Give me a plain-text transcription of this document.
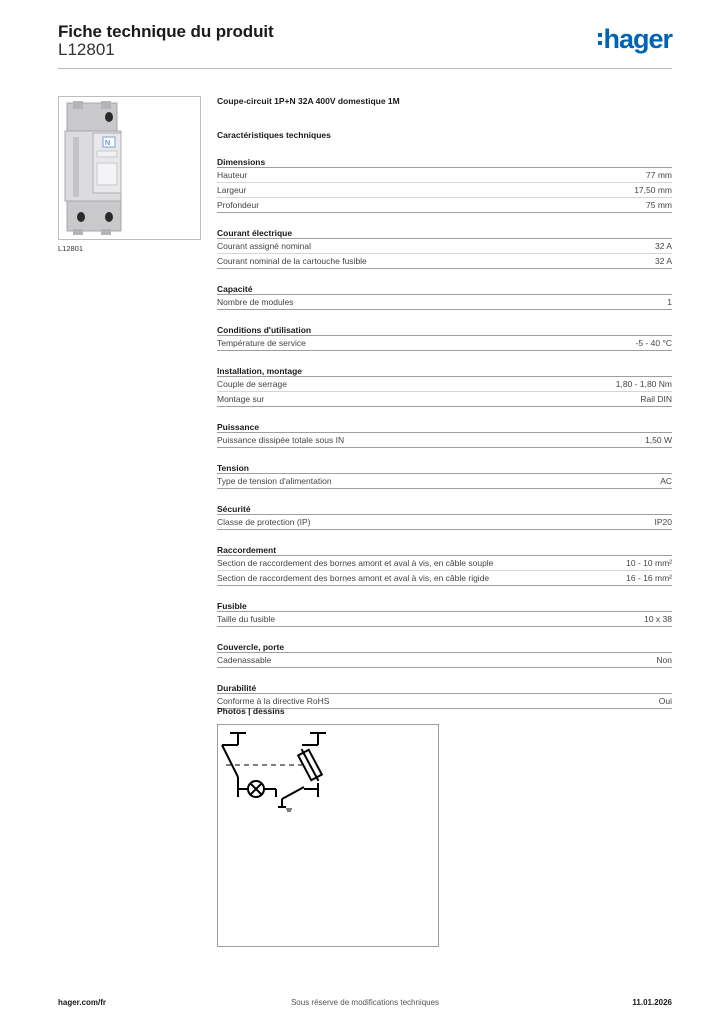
Fiche technique du produit
L12801	hager
N
L12801
Coupe-circuit 1P+N 32A 400V domestique 1M
Caractéristiques techniques
Dimensions
Hauteur	77 mm
Largeur	17,50 mm
Profondeur	75 mm
Courant électrique
Courant assigné nominal	32 A
Courant nominal de la cartouche fusible	32 A
Capacité
Nombre de modules	1
Conditions d'utilisation
Température de service	-5 - 40 °C
Installation, montage
Couple de serrage	1,80 - 1,80 Nm
Montage sur	Rail DIN
Puissance
Puissance dissipée totale sous IN	1,50 W
Tension
Type de tension d'alimentation	AC
Sécurité
Classe de protection (IP)	IP20
Raccordement
Section de raccordement des bornes amont et aval à vis, en câble souple	10 - 10 mm²
Section de raccordement des bornes amont et aval à vis, en câble rigide	16 - 16 mm²
Fusible
Taille du fusible	10 x 38
Couvercle, porte
Cadenassable	Non
Durabilité
Conforme à la directive RoHS	Oui
Photos | dessins
hager.com/fr	Sous réserve de modifications techniques	11.01.2026
